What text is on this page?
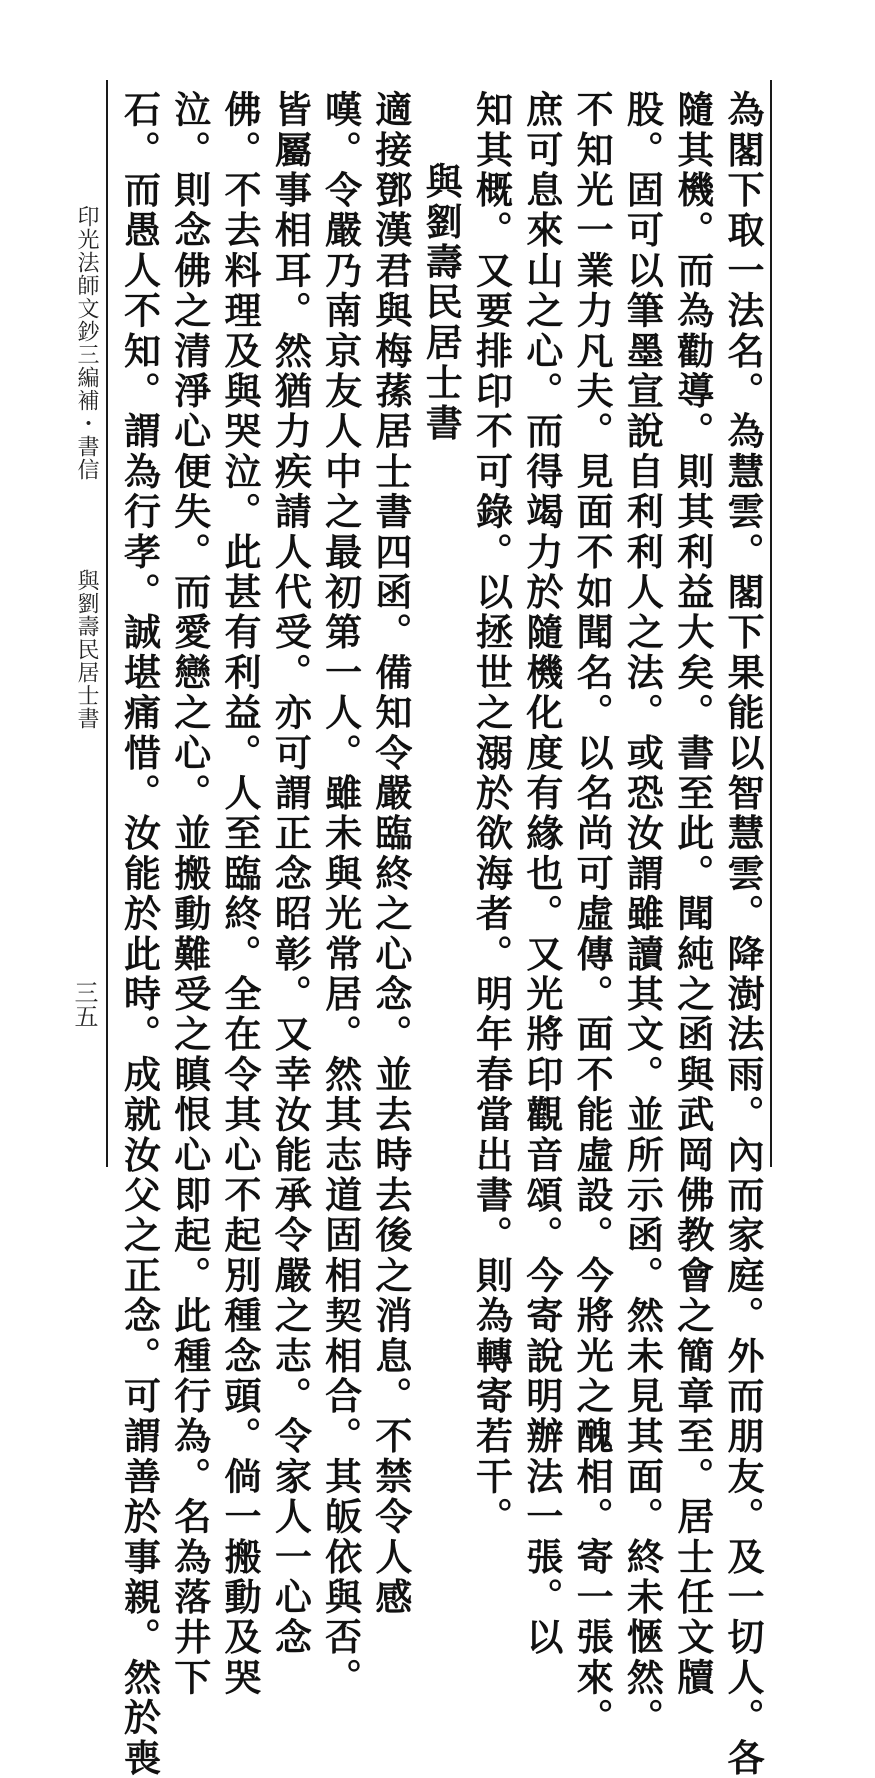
印光法師文鈔三編補・書信 與劉壽民居士書
三五	為閣下取一法名。為慧雲。閣下果能以智慧雲。降澍法雨。內而家庭。外而朋友。及一切人。各
隨其機。而為勸導。則其利益大矣。書至此。聞純之函與武岡佛教會之簡章至。居士任文牘
股。固可以筆墨宣說自利利人之法。或恐汝謂雖讀其文。並所示函。然未見其面。終未愜然。
不知光一業力凡夫。見面不如聞名。以名尚可虛傳。面不能虛設。今將光之醜相。寄一張來。
庶可息來山之心。而得竭力於隨機化度有緣也。又光將印觀音頌。今寄說明辦法一張。以
知其概。又要排印不可錄。以拯世之溺於欲海者。明年春當出書。則為轉寄若干。
與劉壽民居士書
適接鄧漢君與梅蓀居士書四函。備知令嚴臨終之心念。並去時去後之消息。不禁令人感
嘆。令嚴乃南京友人中之最初第一人。雖未與光常居。然其志道固相契相合。其皈依與否。
皆屬事相耳。然猶力疾請人代受。亦可謂正念昭彰。又幸汝能承令嚴之志。令家人一心念
佛。不去料理及與哭泣。此甚有利益。人至臨終。全在令其心不起別種念頭。倘一搬動及哭
泣。則念佛之清淨心便失。而愛戀之心。並搬動難受之瞋恨心即起。此種行為。名為落井下
石。而愚人不知。謂為行孝。誠堪痛惜。汝能於此時。成就汝父之正念。可謂善於事親。然於喪
